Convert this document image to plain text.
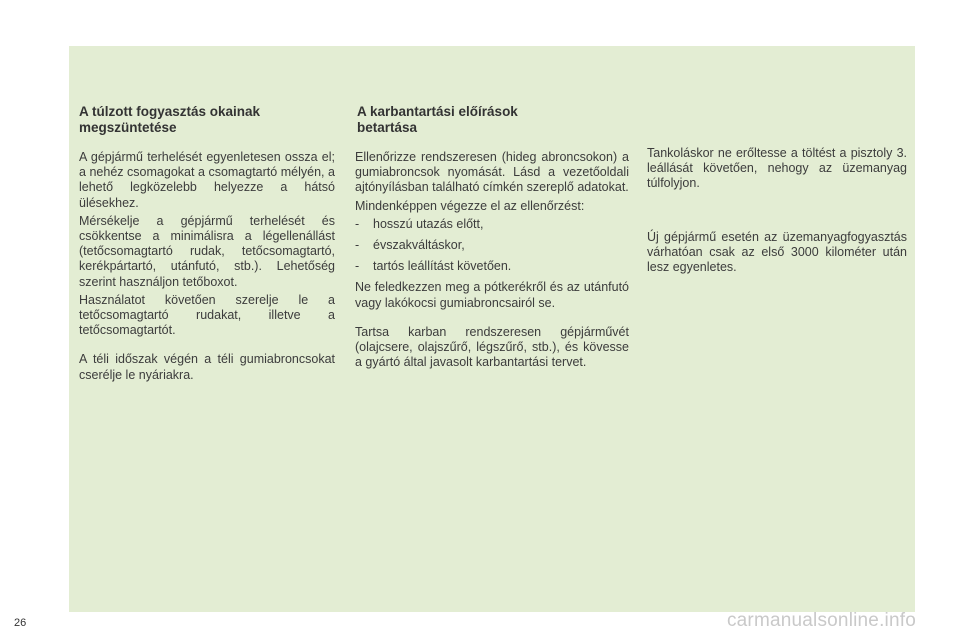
A túlzott fogyasztás okainak
megszüntetése

A gépjármű terhelését egyenletesen ossza el; a nehéz csomagokat a csomagtartó mélyén, a lehető legközelebb helyezze a hátsó ülésekhez.

Mérsékelje a gépjármű terhelését és csökkentse a minimálisra a légellenállást (tetőcsomagtartó rudak, tetőcsomagtartó, kerékpártartó, utánfutó, stb.). Lehetőség szerint használjon tetőboxot.

Használatot követően szerelje le a tetőcsomagtartó rudakat, illetve a tetőcsomagtartót.

A téli időszak végén a téli gumiabroncsokat cserélje le nyáriakra.

A karbantartási előírások
betartása

Ellenőrizze rendszeresen (hideg abroncsokon) a gumiabroncsok nyomását. Lásd a vezetőoldali ajtónyílásban található címkén szereplő adatokat.

Mindenképpen végezze el az ellenőrzést:

- hosszú utazás előtt,
- évszakváltáskor,
- tartós leállítást követően.

Ne feledkezzen meg a pótkerékről és az utánfutó vagy lakókocsi gumiabroncsairól se.

Tartsa karban rendszeresen gépjárművét (olajcsere, olajszűrő, légszűrő, stb.), és kövesse a gyártó által javasolt karbantartási tervet.

Tankoláskor ne erőltesse a töltést a pisztoly 3. leállását követően, nehogy az üzemanyag túlfolyjon.

Új gépjármű esetén az üzemanyagfogyasztás várhatóan csak az első 3000 kilométer után lesz egyenletes.

26	carmanualsonline.info
